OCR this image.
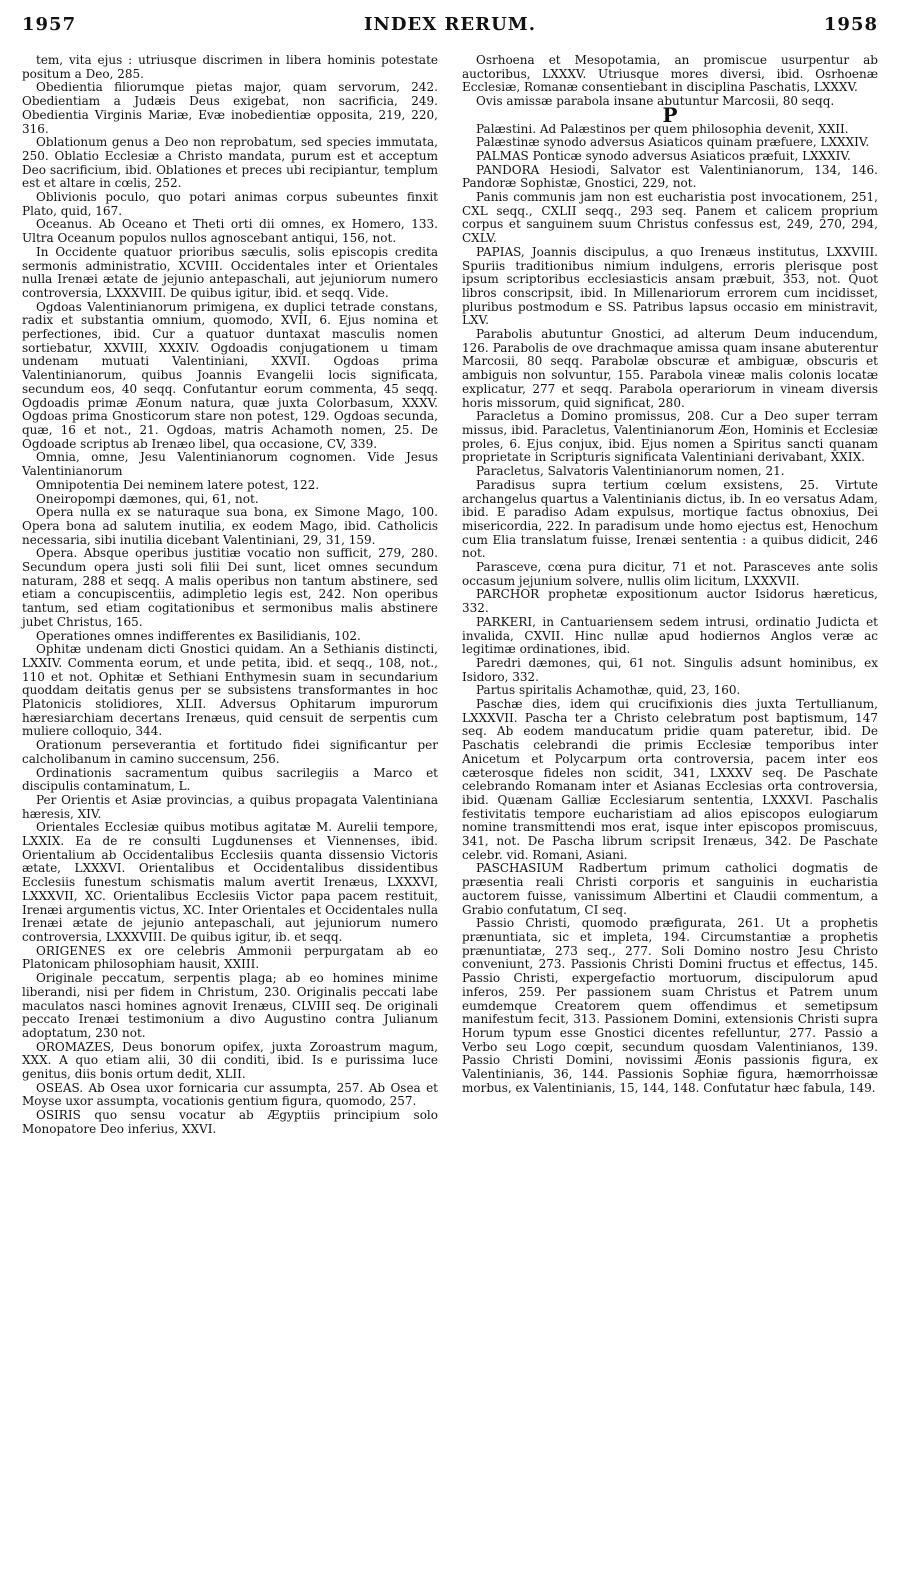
1957	INDEX RERUM.	1958

tem, vita ejus : utriusque discrimen in libera hominis potestate positum a Deo, 285.

Obedientia filiorumque pietas major, quam servorum, 242. Obedientiam a Judæis Deus exigebat, non sacrificia, 249. Obedientia Virginis Mariæ, Evæ inobedientiæ opposita, 219, 220, 316.

Oblationum genus a Deo non reprobatum, sed species immutata, 250. Oblatio Ecclesiæ a Christo mandata, purum est et acceptum Deo sacrificium, ibid. Oblationes et preces ubi recipiantur, templum est et altare in cœlis, 252.

Oblivionis poculo, quo potari animas corpus subeuntes finxit Plato, quid, 167.

Oceanus. Ab Oceano et Theti orti dii omnes, ex Homero, 133. Ultra Oceanum populos nullos agnoscebant antiqui, 156, not.

In Occidente quatuor prioribus sæculis, solis episcopis credita sermonis administratio, XCVIII. Occidentales inter et Orientales nulla Irenæi ætate de jejunio antepaschali, aut jejuniorum numero controversia, LXXXVIII. De quibus igitur, ibid. et seqq. Vide.

Ogdoas Valentinianorum primigena, ex duplici tetrade constans, radix et substantia omnium, quomodo, XVII, 6. Ejus nomina et perfectiones, ibid. Cur a quatuor duntaxat masculis nomen sortiebatur, XXVIII, XXXIV. Ogdoadis conjugationem u timam undenam mutuati Valentiniani, XXVII. Ogdoas prima Valentinianorum, quibus Joannis Evangelii locis significata, secundum eos, 40 seqq. Confutantur eorum commenta, 45 seqq. Ogdoadis primæ Æonum natura, quæ juxta Colorbasum, XXXV. Ogdoas prima Gnosticorum stare non potest, 129. Ogdoas secunda, quæ, 16 et not., 21. Ogdoas, matris Achamoth nomen, 25. De Ogdoade scriptus ab Irenæo libel, qua occasione, CV, 339.

Omnia, omne, Jesu Valentinianorum cognomen. Vide Jesus Valentinianorum

Omnipotentia Dei neminem latere potest, 122.

Oneiropompi dæmones, qui, 61, not.

Opera nulla ex se naturaque sua bona, ex Simone Mago, 100. Opera bona ad salutem inutilia, ex eodem Mago, ibid. Catholicis necessaria, sibi inutilia dicebant Valentiniani, 29, 31, 159.

Opera. Absque operibus justitiæ vocatio non sufficit, 279, 280. Secundum opera justi soli filii Dei sunt, licet omnes secundum naturam, 288 et seqq. A malis operibus non tantum abstinere, sed etiam a concupiscentiis, adimpletio legis est, 242. Non operibus tantum, sed etiam cogitationibus et sermonibus malis abstinere jubet Christus, 165.

Operationes omnes indifferentes ex Basilidianis, 102.

Ophitæ undenam dicti Gnostici quidam. An a Sethianis distincti, LXXIV. Commenta eorum, et unde petita, ibid. et seqq., 108, not., 110 et not. Ophitæ et Sethiani Enthymesin suam in secundarium quoddam deitatis genus per se subsistens transformantes in hoc Platonicis stolidiores, XLII. Adversus Ophitarum impurorum hæresiarchiam decertans Irenæus, quid censuit de serpentis cum muliere colloquio, 344.

Orationum perseverantia et fortitudo fidei significantur per calcholibanum in camino succensum, 256.

Ordinationis sacramentum quibus sacrilegiis a Marco et discipulis contaminatum, L.

Per Orientis et Asiæ provincias, a quibus propagata Valentiniana hæresis, XIV.

Orientales Ecclesiæ quibus motibus agitatæ M. Aurelii tempore, LXXIX. Ea de re consulti Lugdunenses et Viennenses, ibid. Orientalium ab Occidentalibus Ecclesiis quanta dissensio Victoris ætate, LXXXVI. Orientalibus et Occidentalibus dissidentibus Ecclesiis funestum schismatis malum avertit Irenæus, LXXXVI, LXXXVII, XC. Orientalibus Ecclesiis Victor papa pacem restituit, Irenæi argumentis victus, XC. Inter Orientales et Occidentales nulla Irenæi ætate de jejunio antepaschali, aut jejuniorum numero controversia, LXXXVIII. De quibus igitur, ib. et seqq.

ORIGENES ex ore celebris Ammonii perpurgatam ab eo Platonicam philosophiam hausit, XXIII.

Originale peccatum, serpentis plaga; ab eo homines minime liberandi, nisi per fidem in Christum, 230. Originalis peccati labe maculatos nasci homines agnovit Irenæus, CLVIII seq. De originali peccato Irenæi testimonium a divo Augustino contra Julianum adoptatum, 230 not.

OROMAZES, Deus bonorum opifex, juxta Zoroastrum magum, XXX. A quo etiam alii, 30 dii conditi, ibid. Is e purissima luce genitus, diis bonis ortum dedit, XLII.

OSEAS. Ab Osea uxor fornicaria cur assumpta, 257. Ab Osea et Moyse uxor assumpta, vocationis gentium figura, quomodo, 257.

OSIRIS quo sensu vocatur ab Ægyptiis principium solo Monopatore Deo inferius, XXVI.

Osrhoena et Mesopotamia, an promiscue usurpentur ab auctoribus, LXXXV. Utriusque mores diversi, ibid. Osrhoenæ Ecclesiæ, Romanæ consentiebant in disciplina Paschatis, LXXXV.

Ovis amissæ parabola insane abutuntur Marcosii, 80 seqq.

P

Palæstini. Ad Palæstinos per quem philosophia devenit, XXII.

Palæstinæ synodo adversus Asiaticos quinam præfuere, LXXXIV.

PALMAS Ponticæ synodo adversus Asiaticos præfuit, LXXXIV.

PANDORA Hesiodi, Salvator est Valentinianorum, 134, 146. Pandoræ Sophistæ, Gnostici, 229, not.

Panis communis jam non est eucharistia post invocationem, 251, CXL seqq., CXLII seqq., 293 seq. Panem et calicem proprium corpus et sanguinem suum Christus confessus est, 249, 270, 294, CXLV.

PAPIAS, Joannis discipulus, a quo Irenæus institutus, LXXVIII. Spuriis traditionibus nimium indulgens, erroris plerisque post ipsum scriptoribus ecclesiasticis ansam præbuit, 353, not. Quot libros conscripsit, ibid. In Millenariorum errorem cum incidisset, pluribus postmodum e SS. Patribus lapsus occasio em ministravit, LXV.

Parabolis abutuntur Gnostici, ad alterum Deum inducendum, 126. Parabolis de ove drachmaque amissa quam insane abuterentur Marcosii, 80 seqq. Parabolæ obscuræ et ambiguæ, obscuris et ambiguis non solvuntur, 155. Parabola vineæ malis colonis locatæ explicatur, 277 et seqq. Parabola operariorum in vineam diversis horis missorum, quid significat, 280.

Paracletus a Domino promissus, 208. Cur a Deo super terram missus, ibid. Paracletus, Valentinianorum Æon, Hominis et Ecclesiæ proles, 6. Ejus conjux, ibid. Ejus nomen a Spiritus sancti quanam proprietate in Scripturis significata Valentiniani derivabant, XXIX.

Paracletus, Salvatoris Valentinianorum nomen, 21.

Paradisus supra tertium cœlum exsistens, 25. Virtute archangelus quartus a Valentinianis dictus, ib. In eo versatus Adam, ibid. E paradiso Adam expulsus, mortique factus obnoxius, Dei misericordia, 222. In paradisum unde homo ejectus est, Henochum cum Elia translatum fuisse, Irenæi sententia : a quibus didicit, 246 not.

Parasceve, cœna pura dicitur, 71 et not. Parasceves ante solis occasum jejunium solvere, nullis olim licitum, LXXXVII.

PARCHOR prophetæ expositionum auctor Isidorus hæreticus, 332.

PARKERI, in Cantuariensem sedem intrusi, ordinatio Judicta et invalida, CXVII. Hinc nullæ apud hodiernos Anglos veræ ac legitimæ ordinationes, ibid.

Paredri dæmones, qui, 61 not. Singulis adsunt hominibus, ex Isidoro, 332.

Partus spiritalis Achamothæ, quid, 23, 160.

Paschæ dies, idem qui crucifixionis dies juxta Tertullianum, LXXXVII. Pascha ter a Christo celebratum post baptismum, 147 seq. Ab eodem manducatum pridie quam pateretur, ibid. De Paschatis celebrandi die primis Ecclesiæ temporibus inter Anicetum et Polycarpum orta controversia, pacem inter eos cæterosque fideles non scidit, 341, LXXXV seq. De Paschate celebrando Romanam inter et Asianas Ecclesias orta controversia, ibid. Quænam Galliæ Ecclesiarum sententia, LXXXVI. Paschalis festivitatis tempore eucharistiam ad alios episcopos eulogiarum nomine transmittendi mos erat, isque inter episcopos promiscuus, 341, not. De Pascha librum scripsit Irenæus, 342. De Paschate celebr. vid. Romani, Asiani.

PASCHASIUM Radbertum primum catholici dogmatis de præsentia reali Christi corporis et sanguinis in eucharistia auctorem fuisse, vanissimum Albertini et Claudii commentum, a Grabio confutatum, CI seq.

Passio Christi, quomodo præfigurata, 261. Ut a prophetis prænuntiata, sic et impleta, 194. Circumstantiæ a prophetis prænuntiatæ, 273 seq., 277. Soli Domino nostro Jesu Christo conveniunt, 273. Passionis Christi Domini fructus et effectus, 145. Passio Christi, expergefactio mortuorum, discipulorum apud inferos, 259. Per passionem suam Christus et Patrem unum eumdemque Creatorem quem offendimus et semetipsum manifestum fecit, 313. Passionem Domini, extensionis Christi supra Horum typum esse Gnostici dicentes refelluntur, 277. Passio a Verbo seu Logo cœpit, secundum quosdam Valentinianos, 139. Passio Christi Domini, novissimi Æonis passionis figura, ex Valentinianis, 36, 144. Passionis Sophiæ figura, hæmorrhoissæ morbus, ex Valentinianis, 15, 144, 148. Confutatur hæc fabula, 149.
